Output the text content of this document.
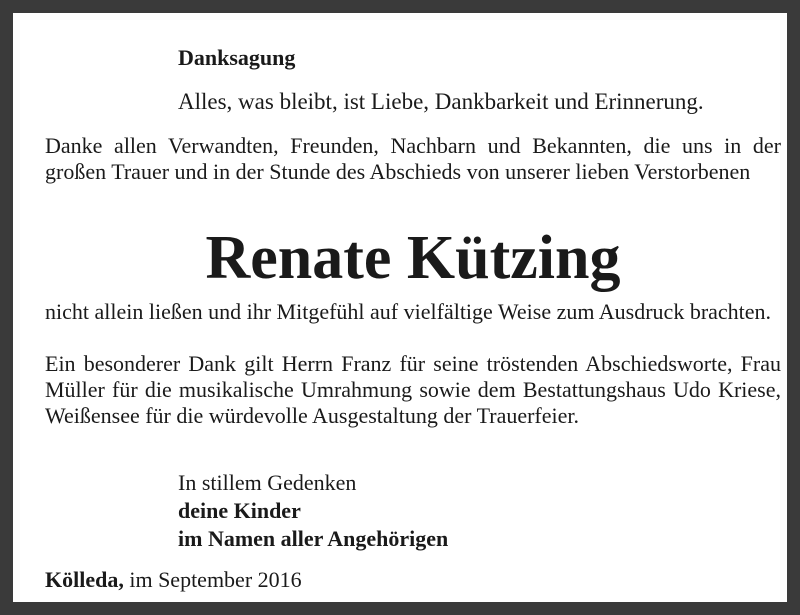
Danksagung
Alles, was bleibt, ist Liebe, Dankbarkeit und Erinnerung.
Danke allen Verwandten, Freunden, Nachbarn und Bekannten, die uns in der großen Trauer und in der Stunde des Abschieds von unserer lieben Verstorbenen
Renate Kützing
nicht allein ließen und ihr Mitgefühl auf vielfältige Weise zum Ausdruck brachten.
Ein besonderer Dank gilt Herrn Franz für seine tröstenden Abschiedsworte, Frau Müller für die musikalische Umrahmung sowie dem Bestattungshaus Udo Kriese, Weißensee für die würdevolle Ausgestaltung der Trauerfeier.
In stillem Gedenken
deine Kinder
im Namen aller Angehörigen
Kölleda, im September 2016
